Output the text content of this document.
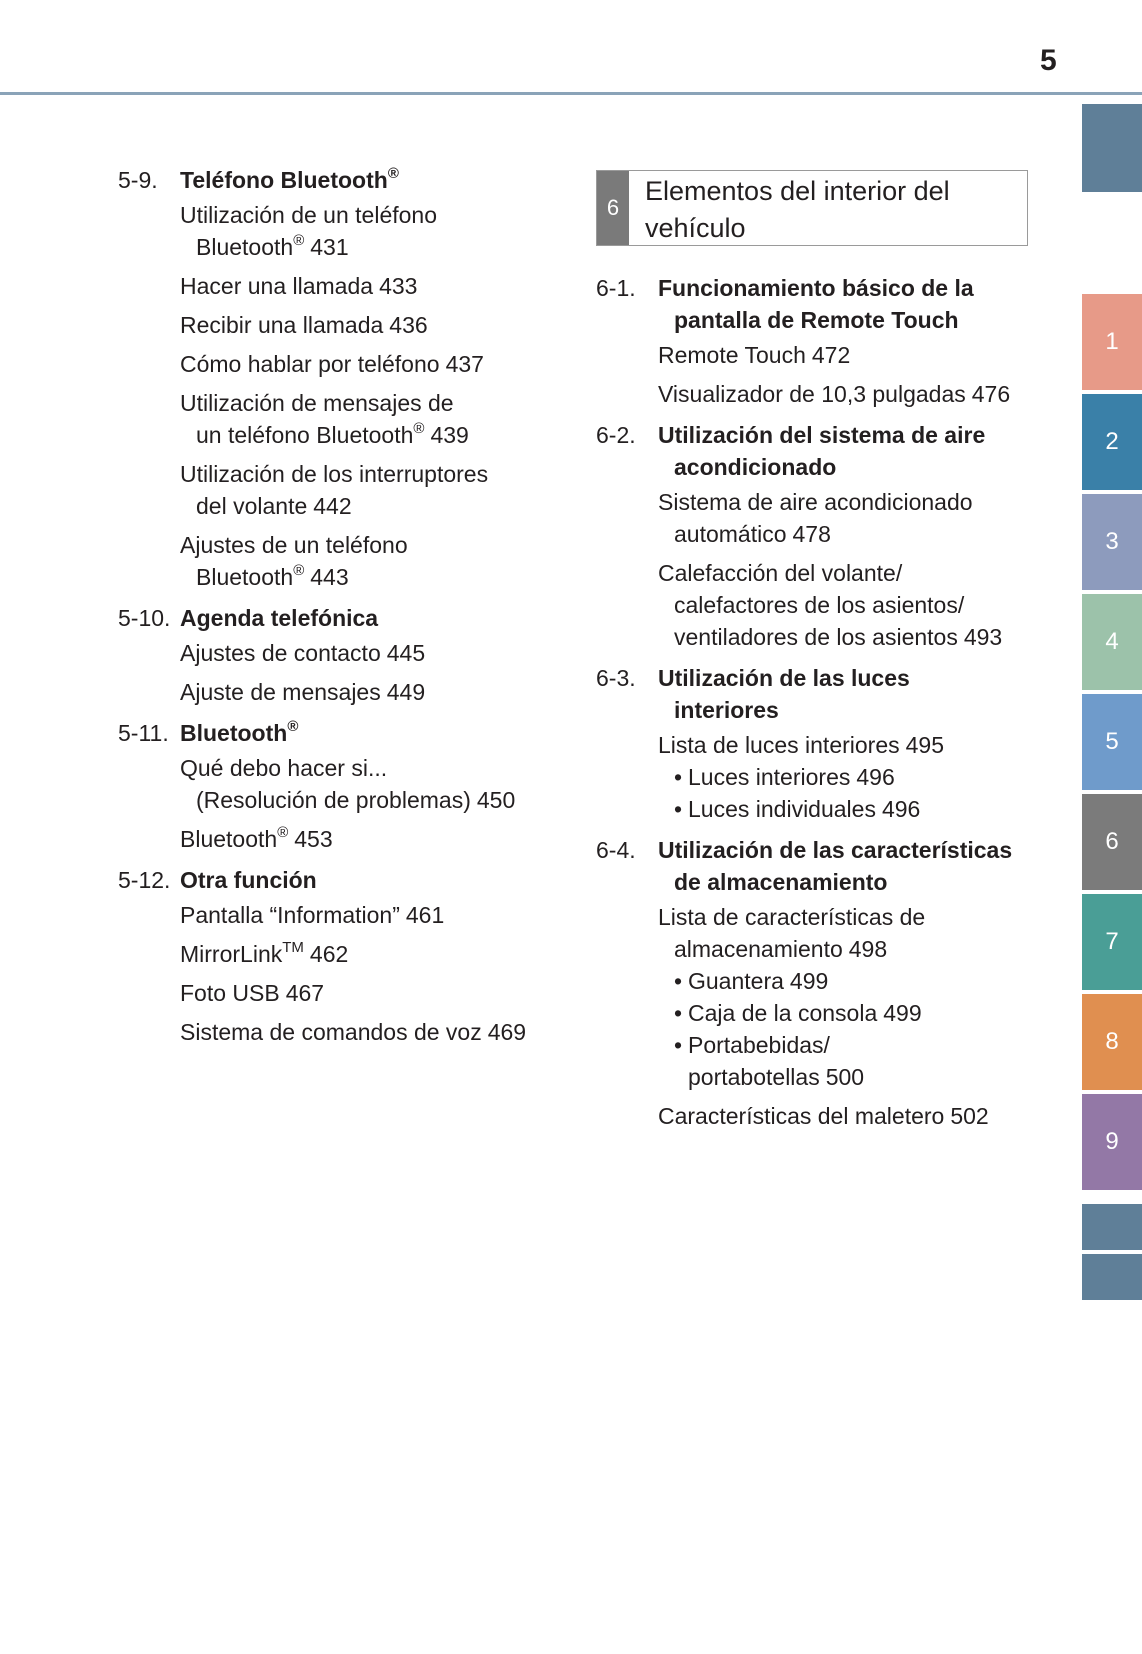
5
1
2
3
4
5
6
7
8
9
5-9. Teléfono Bluetooth®
Utilización de un teléfono
Bluetooth® 431
Hacer una llamada 433
Recibir una llamada 436
Cómo hablar por teléfono 437
Utilización de mensajes de
un teléfono Bluetooth® 439
Utilización de los interruptores
del volante 442
Ajustes de un teléfono
Bluetooth® 443
5-10. Agenda telefónica
Ajustes de contacto 445
Ajuste de mensajes 449
5-11. Bluetooth®
Qué debo hacer si...
(Resolución de problemas) 450
Bluetooth® 453
5-12. Otra función
Pantalla “Information” 461
MirrorLink™ 462
Foto USB 467
Sistema de comandos de voz 469
6
Elementos del interior del
vehículo
6-1. Funcionamiento básico de la
pantalla de Remote Touch
Remote Touch 472
Visualizador de 10,3 pulgadas 476
6-2. Utilización del sistema de aire
acondicionado
Sistema de aire acondicionado
automático 478
Calefacción del volante/
calefactores de los asientos/
ventiladores de los asientos 493
6-3. Utilización de las luces
interiores
Lista de luces interiores 495
• Luces interiores 496
• Luces individuales 496
6-4. Utilización de las características
de almacenamiento
Lista de características de
almacenamiento 498
• Guantera 499
• Caja de la consola 499
• Portabebidas/
portabotellas 500
Características del maletero 502
